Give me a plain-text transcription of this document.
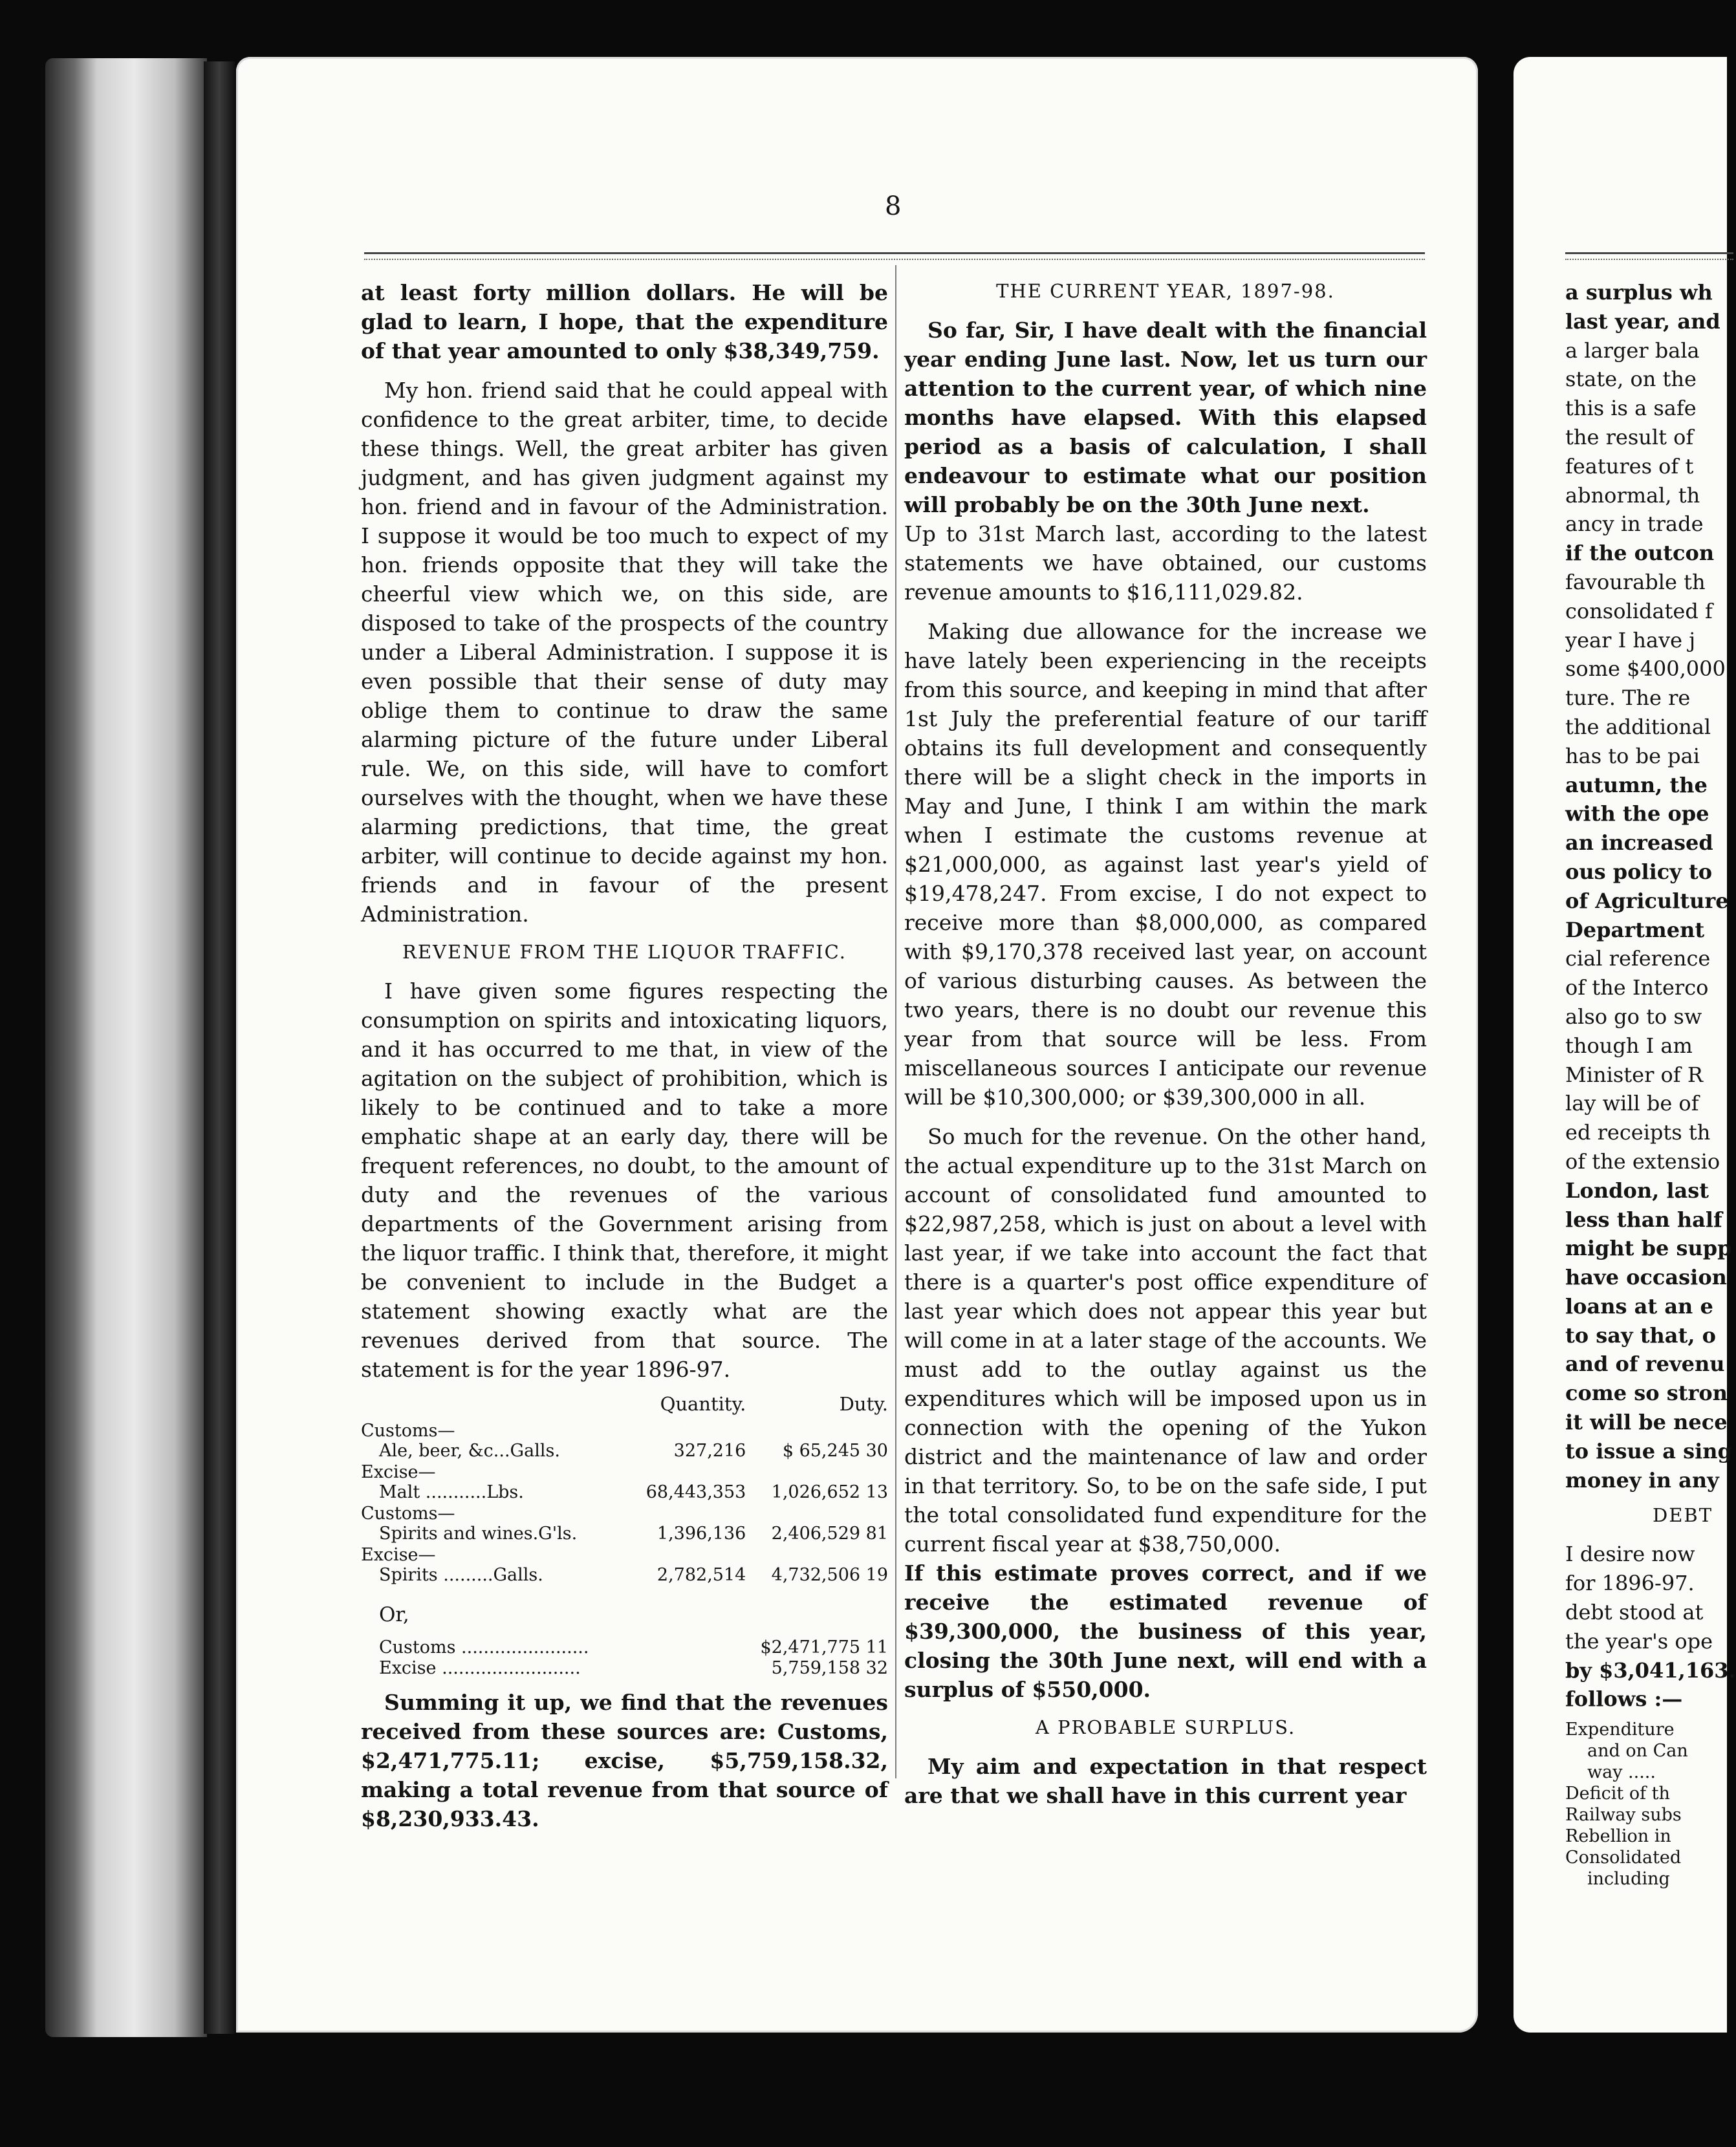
8

at least forty million dollars. He will be glad to learn, I hope, that the expenditure of that year amounted to only $38,349,759.

My hon. friend said that he could appeal with confidence to the great arbiter, time, to decide these things. Well, the great arbiter has given judgment, and has given judgment against my hon. friend and in favour of the Administration. I suppose it would be too much to expect of my hon. friends opposite that they will take the cheerful view which we, on this side, are disposed to take of the prospects of the country under a Liberal Administration. I suppose it is even possible that their sense of duty may oblige them to continue to draw the same alarming picture of the future under Liberal rule. We, on this side, will have to comfort ourselves with the thought, when we have these alarming predictions, that time, the great arbiter, will continue to decide against my hon. friends and in favour of the present Administration.

REVENUE FROM THE LIQUOR TRAFFIC.

I have given some figures respecting the consumption on spirits and intoxicating liquors, and it has occurred to me that, in view of the agitation on the subject of prohibition, which is likely to be continued and to take a more emphatic shape at an early day, there will be frequent references, no doubt, to the amount of duty and the revenues of the various departments of the Government arising from the liquor traffic. I think that, therefore, it might be convenient to include in the Budget a statement showing exactly what are the revenues derived from that source. The statement is for the year 1896-97.

	Quantity.	Duty.
Customs—		
Ale, beer, &c...Galls.	327,216	$ 65,245 30
Excise—		
Malt ...........Lbs.	68,443,353	1,026,652 13
Customs—		
Spirits and wines.G'ls.	1,396,136	2,406,529 81
Excise—		
Spirits .........Galls.	2,782,514	4,732,506 19
Or,
Customs .......................	$2,471,775 11
Excise .........................	5,759,158 32

Summing it up, we find that the revenues received from these sources are: Customs, $2,471,775.11; excise, $5,759,158.32, making a total revenue from that source of $8,230,933.43.

THE CURRENT YEAR, 1897-98.

So far, Sir, I have dealt with the financial year ending June last. Now, let us turn our attention to the current year, of which nine months have elapsed. With this elapsed period as a basis of calculation, I shall endeavour to estimate what our position will probably be on the 30th June next.

Up to 31st March last, according to the latest statements we have obtained, our customs revenue amounts to $16,111,029.82.

Making due allowance for the increase we have lately been experiencing in the receipts from this source, and keeping in mind that after 1st July the preferential feature of our tariff obtains its full development and consequently there will be a slight check in the imports in May and June, I think I am within the mark when I estimate the customs revenue at $21,000,000, as against last year's yield of $19,478,247. From excise, I do not expect to receive more than $8,000,000, as compared with $9,170,378 received last year, on account of various disturbing causes. As between the two years, there is no doubt our revenue this year from that source will be less. From miscellaneous sources I anticipate our revenue will be $10,300,000; or $39,300,000 in all.

So much for the revenue. On the other hand, the actual expenditure up to the 31st March on account of consolidated fund amounted to $22,987,258, which is just on about a level with last year, if we take into account the fact that there is a quarter's post office expenditure of last year which does not appear this year but will come in at a later stage of the accounts. We must add to the outlay against us the expenditures which will be imposed upon us in connection with the opening of the Yukon district and the maintenance of law and order in that territory. So, to be on the safe side, I put the total consolidated fund expenditure for the current fiscal year at $38,750,000.

If this estimate proves correct, and if we receive the estimated revenue of $39,300,000, the business of this year, closing the 30th June next, will end with a surplus of $550,000.

A PROBABLE SURPLUS.

My aim and expectation in that respect are that we shall have in this current year

a surplus wh

last year, and

a larger bala

state, on the

this is a safe

the result of

features of t

abnormal, th

ancy in trade

if the outcon

favourable th

consolidated f

year I have j

some $400,000

ture. The re

the additional

has to be pai

autumn, the

with the ope

an increased

ous policy to

of Agriculture

Department

cial reference

of the Interco

also go to sw

though I am

Minister of R

lay will be of

ed receipts th

of the extensio

London, last

less than half

might be supp

have occasion

loans at an e

to say that, o

and of revenu

come so stron

it will be nece

to issue a sing

money in any

DEBT

I desire now

for 1896-97.

debt stood at

the year's ope

by $3,041,163.

follows :—

Expenditure
and on Can
way .....
Deficit of th
Railway subs
Rebellion in
Consolidated
including
